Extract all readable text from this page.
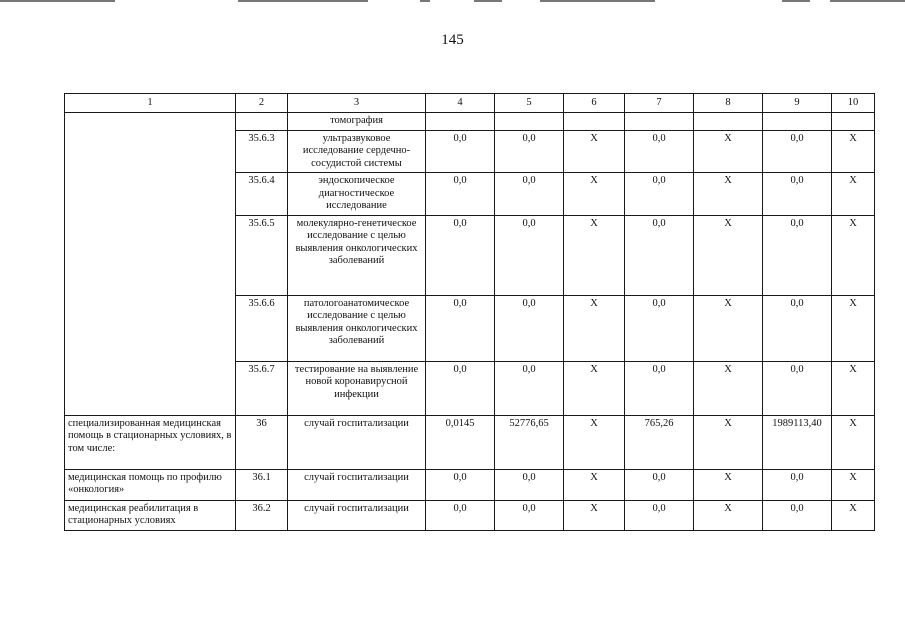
145
1	2	3	4	5	6	7	8	9	10
		томография							
	35.6.3	ультразвуковое исследование сердечно-сосудистой системы	0,0	0,0	Х	0,0	Х	0,0	Х
	35.6.4	эндоскопическое диагностическое исследование	0,0	0,0	Х	0,0	Х	0,0	Х
	35.6.5	молекулярно-генетическое исследование с целью выявления онкологических заболеваний	0,0	0,0	Х	0,0	Х	0,0	Х
	35.6.6	патологоанатомическое исследование с целью выявления онкологических заболеваний	0,0	0,0	Х	0,0	Х	0,0	Х
	35.6.7	тестирование на выявление новой коронавирусной инфекции	0,0	0,0	Х	0,0	Х	0,0	Х
специализированная медицинская помощь в стационарных условиях, в том числе:	36	случай госпитализации	0,0145	52776,65	Х	765,26	Х	1989113,40	Х
медицинская помощь по профилю «онкология»	36.1	случай госпитализации	0,0	0,0	Х	0,0	Х	0,0	Х
медицинская реабилитация в стационарных условиях	36.2	случай госпитализации	0,0	0,0	Х	0,0	Х	0,0	Х
